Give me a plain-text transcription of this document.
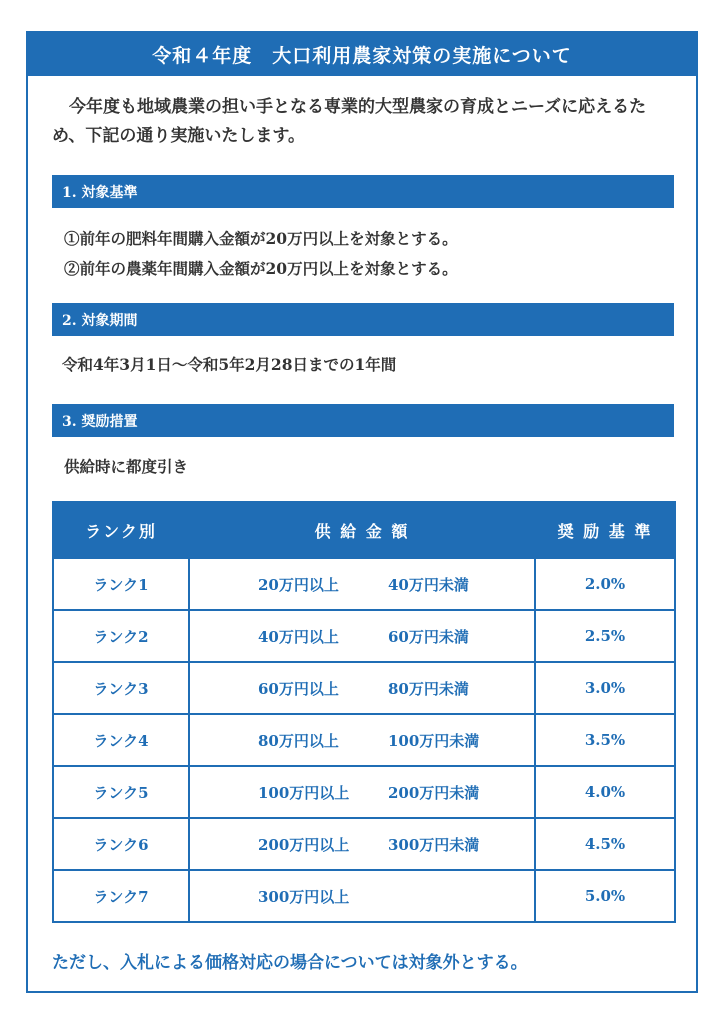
令和４年度　大口利用農家対策の実施について
今年度も地域農業の担い手となる専業的大型農家の育成とニーズに応えるため、下記の通り実施いたします。
1. 対象基準
①前年の肥料年間購入金額が20万円以上を対象とする。
②前年の農薬年間購入金額が20万円以上を対象とする。
2. 対象期間
令和4年3月1日～令和5年2月28日までの1年間
3. 奨励措置
供給時に都度引き
ランク別	供 給 金 額	奨 励 基 準
ランク1	20万円以上 40万円未満	2.0%
ランク2	40万円以上 60万円未満	2.5%
ランク3	60万円以上 80万円未満	3.0%
ランク4	80万円以上 100万円未満	3.5%
ランク5	100万円以上 200万円未満	4.0%
ランク6	200万円以上 300万円未満	4.5%
ランク7	300万円以上	5.0%
ただし、入札による価格対応の場合については対象外とする。
